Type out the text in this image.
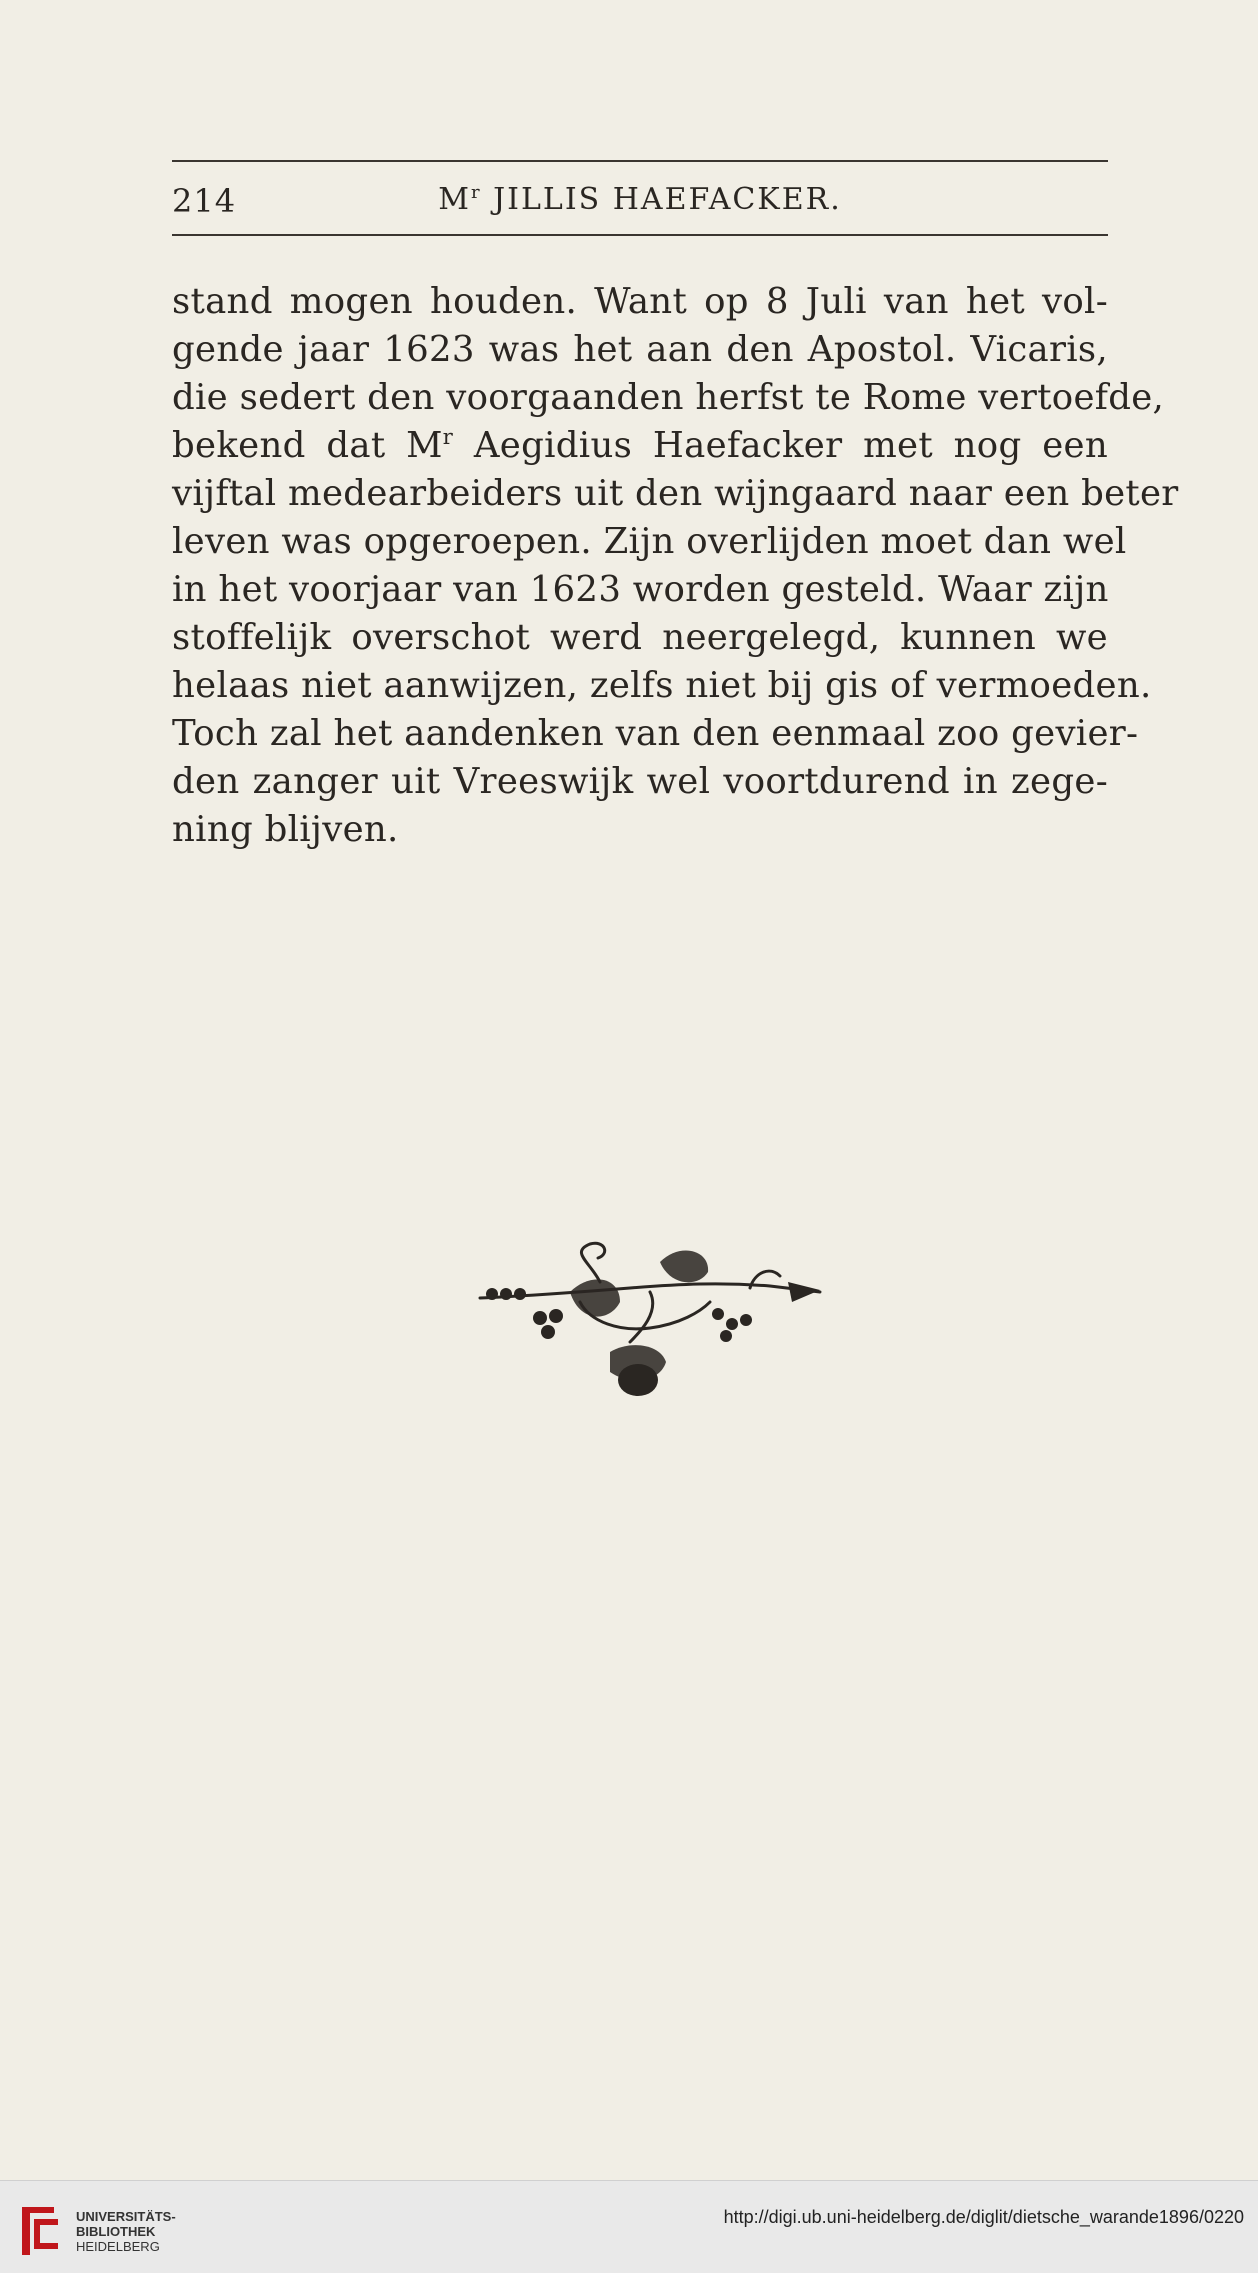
214	$M^r$ JILLIS HAEFACKER.
stand mogen houden. Want op 8 Juli van het vol-
gende jaar 1623 was het aan den Apostol. Vicaris,
die sedert den voorgaanden herfst te Rome vertoefde,
bekend dat $M^r$ Aegidius Haefacker met nog een
vijftal medearbeiders uit den wijngaard naar een beter
leven was opgeroepen. Zijn overlijden moet dan wel
in het voorjaar van 1623 worden gesteld. Waar zijn
stoffelijk overschot werd neergelegd, kunnen we
helaas niet aanwijzen, zelfs niet bij gis of vermoeden.
Toch zal het aandenken van den eenmaal zoo gevier-
den zanger uit Vreeswijk wel voortdurend in zege-
ning blijven.
UNIVERSITÄTS-
BIBLIOTHEK
HEIDELBERG
http://digi.ub.uni-heidelberg.de/diglit/dietsche_warande1896/0220
